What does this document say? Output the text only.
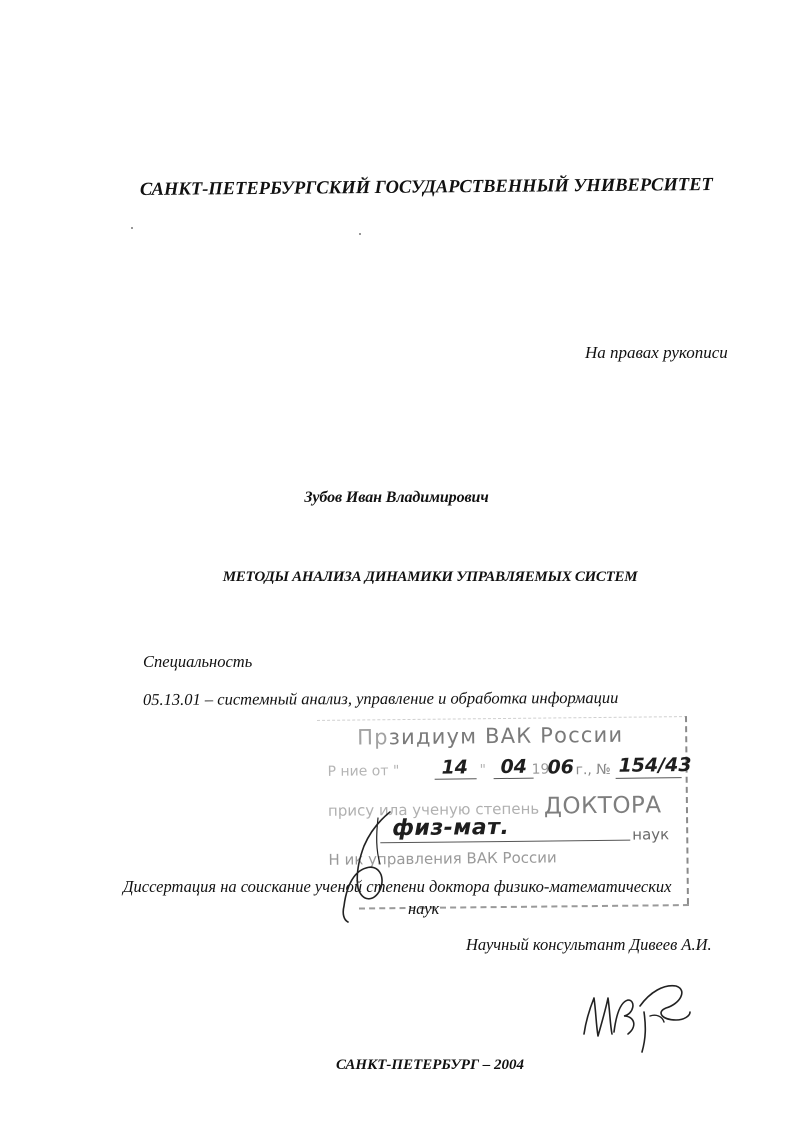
САНКТ-ПЕТЕРБУРГСКИЙ ГОСУДАРСТВЕННЫЙ УНИВЕРСИТЕТ
На правах рукописи
Зубов Иван Владимирович
МЕТОДЫ АНАЛИЗА ДИНАМИКИ УПРАВЛЯЕМЫХ СИСТЕМ
Специальность
05.13.01 – системный анализ, управление и обработка информации
Прзидиум ВАК России
Р ние от " 14 " 04 19
06 г., № 154/43
прису ила ученую степень ДОКТОРА
физ-мат.	наук
Н ик управления ВАК России
Диссертация на соискание ученой степени доктора физико-математических
наук
Научный консультант Дивеев А.И.
САНКТ-ПЕТЕРБУРГ – 2004
